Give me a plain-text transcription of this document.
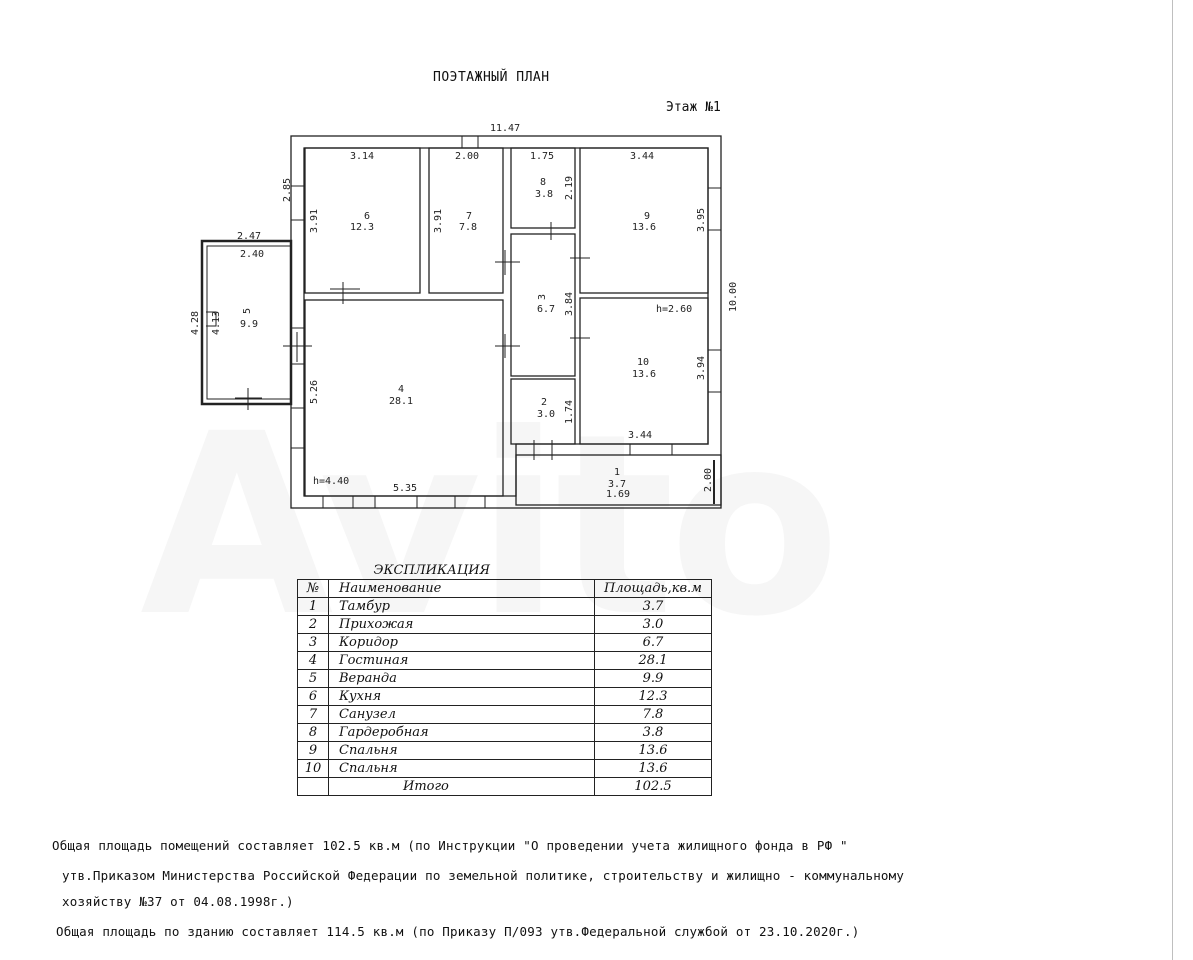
ПОЭТАЖНЫЙ ПЛАН
Этаж №1
11.47
10.00
2.47
2.40
4.28 4.13
2.85
3.14
3.91
2.00
3.91
1.75
2.19
3.44
3.95
3.84
5.26
5.35
h=4.40
1.74
h=2.60
3.94
3.44
1.69
2.00
1
3.7
2
3.0
3
6.7
4
28.1
5
9.9
6
12.3
7
7.8
8
3.8
9
13.6
10
13.6
ЭКСПЛИКАЦИЯ		
№	Наименование	Площадь,кв.м
1	Тамбур	3.7
2	Прихожая	3.0
3	Коридор	6.7
4	Гостиная	28.1
5	Веранда	9.9
6	Кухня	12.3
7	Санузел	7.8
8	Гардеробная	3.8
9	Спальня	13.6
10	Спальня	13.6
	Итого	102.5
Общая площадь помещений составляет 102.5 кв.м (по Инструкции "О проведении учета жилищного фонда в РФ "
утв.Приказом Министерства Российской Федерации по земельной политике, строительству и жилищно - коммунальному
хозяйству №37 от 04.08.1998г.)
Общая площадь по зданию составляет 114.5 кв.м (по Приказу П/093 утв.Федеральной службой от 23.10.2020г.)
